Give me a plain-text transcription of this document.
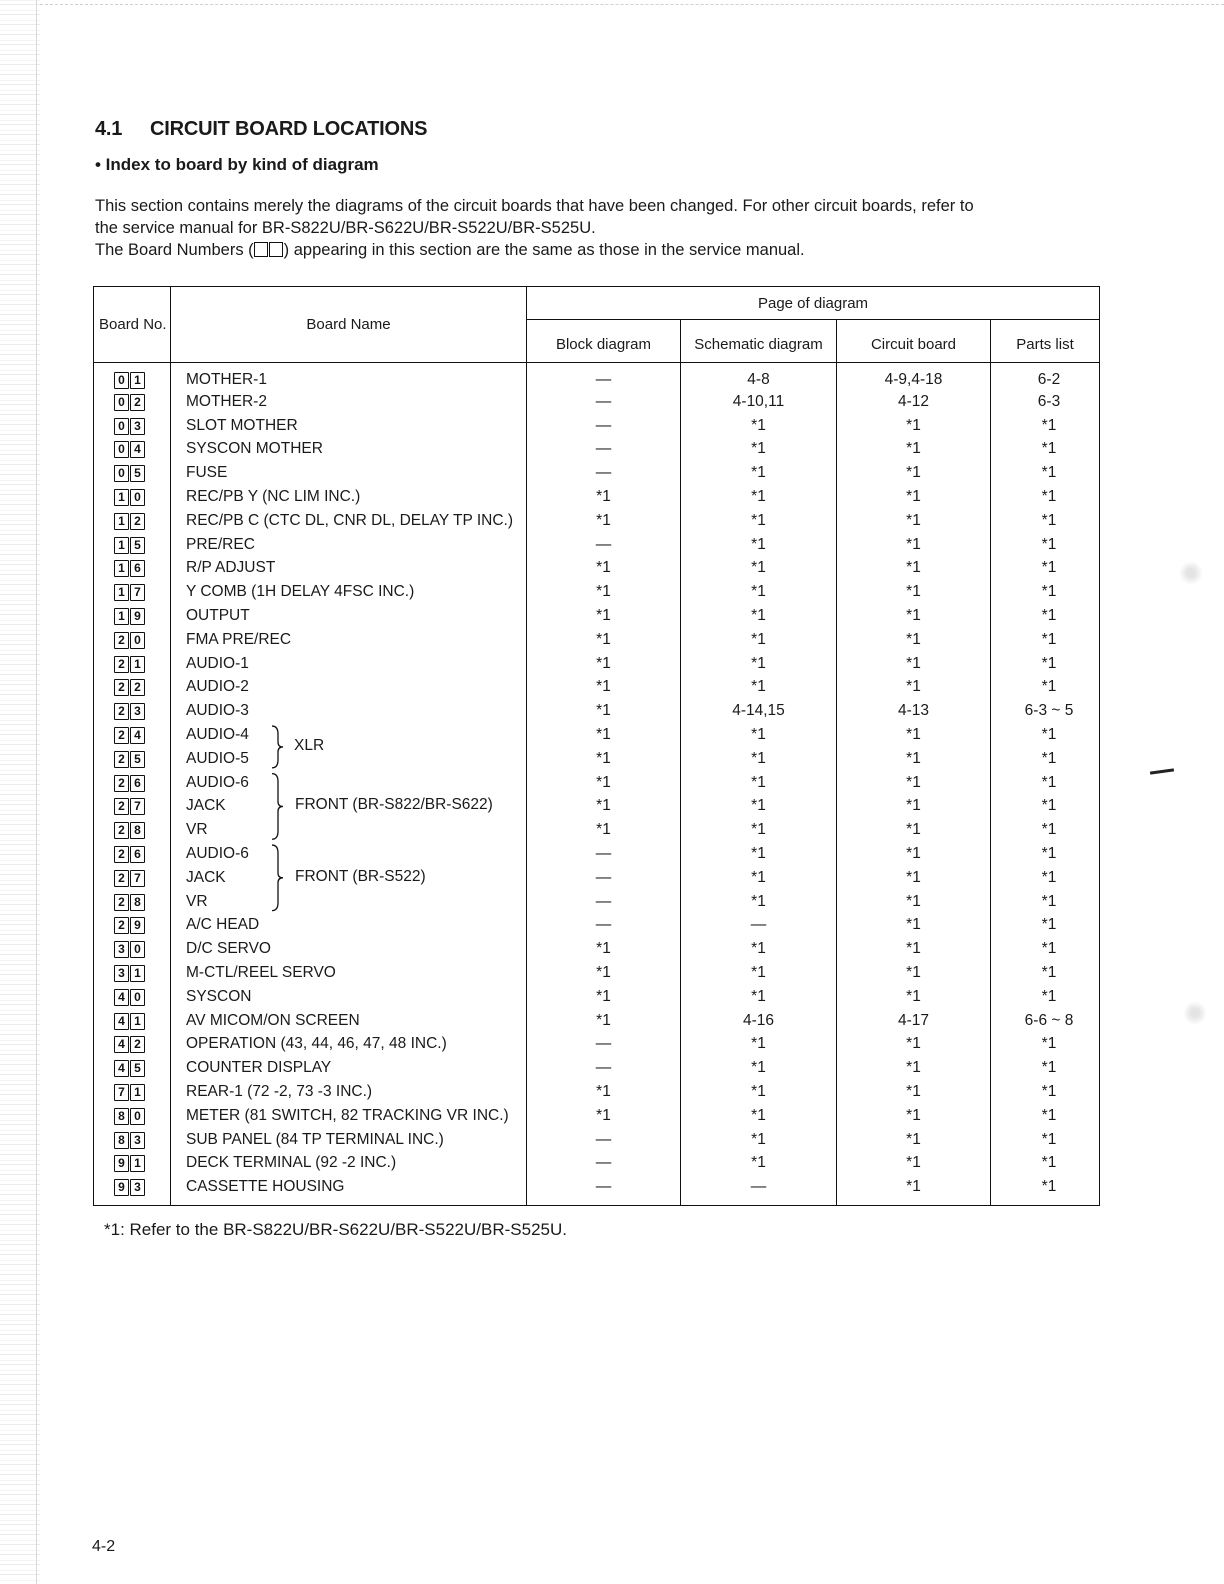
4.1 CIRCUIT BOARD LOCATIONS
• Index to board by kind of diagram

This section contains merely the diagrams of the circuit boards that have been changed. For other circuit boards, refer to

the service manual for BR-S822U/BR-S622U/BR-S522U/BR-S525U.

The Board Numbers ( ) appearing in this section are the same as those in the service manual.

Board No.	Board Name	Page of diagram			
		Block diagram	Schematic diagram	Circuit board	Parts list

0 1	MOTHER-1	—	4-8	4-9,4-18	6-2

0 2	MOTHER-2	—	4-10,11	4-12	6-3

0 3	SLOT MOTHER	—	*1	*1	*1

0 4	SYSCON MOTHER	—	*1	*1	*1

0 5	FUSE	—	*1	*1	*1

1 0	REC/PB Y (NC LIM INC.)	*1	*1	*1	*1

1 2	REC/PB C (CTC DL, CNR DL, DELAY TP INC.)	*1	*1	*1	*1

1 5	PRE/REC	—	*1	*1	*1

1 6	R/P ADJUST	*1	*1	*1	*1

1 7	Y COMB (1H DELAY 4FSC INC.)	*1	*1	*1	*1

1 9	OUTPUT	*1	*1	*1	*1

2 0	FMA PRE/REC	*1	*1	*1	*1

2 1	AUDIO-1	*1	*1	*1	*1

2 2	AUDIO-2	*1	*1	*1	*1

2 3	AUDIO-3	*1	4-14,15	4-13	6-3 ~ 5

2 4	AUDIO-4	*1	*1	*1	*1

2 5	AUDIO-5	*1	*1	*1	*1

2 6	AUDIO-6	*1	*1	*1	*1

2 7	JACK	*1	*1	*1	*1

2 8	VR	*1	*1	*1	*1

2 6	AUDIO-6	—	*1	*1	*1

2 7	JACK	—	*1	*1	*1

2 8	VR	—	*1	*1	*1

2 9	A/C HEAD	—	—	*1	*1

3 0	D/C SERVO	*1	*1	*1	*1

3 1	M-CTL/REEL SERVO	*1	*1	*1	*1

4 0	SYSCON	*1	*1	*1	*1

4 1	AV MICOM/ON SCREEN	*1	4-16	4-17	6-6 ~ 8

4 2	OPERATION (43, 44, 46, 47, 48 INC.)	—	*1	*1	*1

4 5	COUNTER DISPLAY	—	*1	*1	*1

7 1	REAR-1 (72 -2, 73 -3 INC.)	*1	*1	*1	*1

8 0	METER (81 SWITCH, 82 TRACKING VR INC.)	*1	*1	*1	*1

8 3	SUB PANEL (84 TP TERMINAL INC.)	—	*1	*1	*1

9 1	DECK TERMINAL (92 -2 INC.)	—	*1	*1	*1

9 3	CASSETTE HOUSING	—	—	*1	*1
XLR
FRONT (BR-S822/BR-S622)
FRONT (BR-S522)
*1: Refer to the BR-S822U/BR-S622U/BR-S522U/BR-S525U.
4-2
